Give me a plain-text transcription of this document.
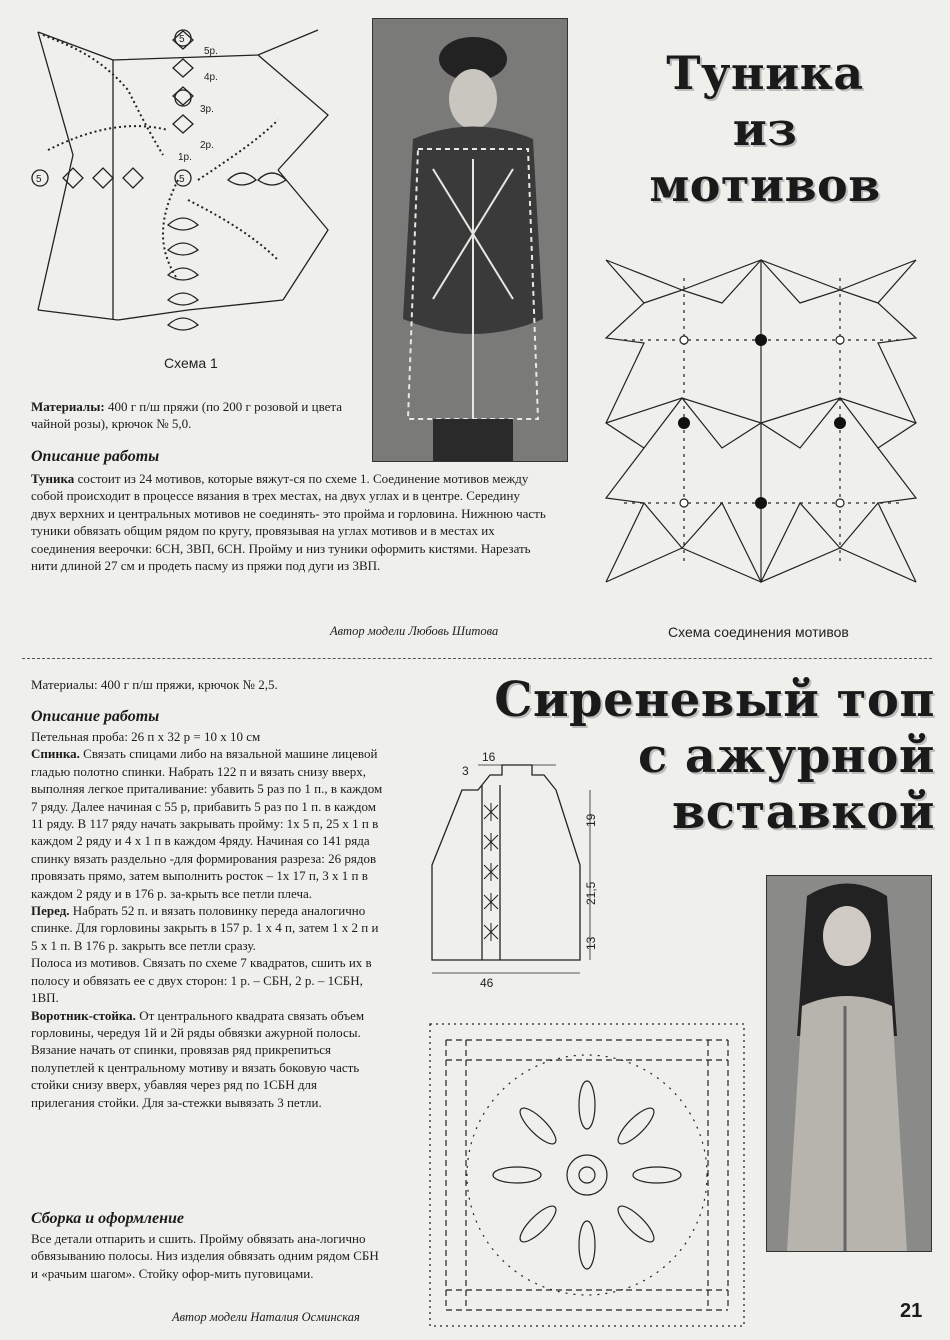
5
5
5
5р.
4р.
3р.
2р.
1р.
Схема 1
Туника
из
мотивов
Схема соединения мотивов

Материалы: 400 г п/ш пряжи (по 200 г розовой и цвета чайной розы), крючок № 5,0.

Описание работы

Туника состоит из 24 мотивов, которые вяжут-ся по схеме 1. Соединение мотивов между собой происходит в процессе вязания в трех местах, на двух углах и в центре. Середину двух верхних и центральных мотивов не соединять- это пройма и горловина. Нижнюю часть туники обвязать общим рядом по кругу, провязывая на углах мотивов и в местах их соединения веерочки: 6СН, 3ВП, 6СН. Пройму и низ туники оформить кистями. Нарезать нити длиной 27 см и продеть пасму из пряжи под дуги из 3ВП.

Автор модели Любовь Шитова
Материалы: 400 г п/ш пряжи, крючок № 2,5.	Сиреневый топ
с ажурной
вставкой
Описание работы

Петельная проба: 26 п х 32 р = 10 х 10 см

Спинка. Связать спицами либо на вязальной машине лицевой гладью полотно спинки. Набрать 122 п и вязать снизу вверх, выполняя легкое приталивание: убавить 5 раз по 1 п., в каждом 7 ряду. Далее начиная с 55 р, прибавить 5 раз по 1 п. в каждом 11 ряду. В 117 ряду начать закрывать пройму: 1х 5 п, 25 х 1 п в каждом 2 ряду и 4 х 1 п в каждом 4ряду. Начиная со 141 ряда спинку вязать раздельно -для формирования разреза: 26 рядов провязать прямо, затем выполнить росток – 1х 17 п, 3 х 1 п в каждом 2 ряду и в 176 р. за-крыть все петли плеча.

Перед. Набрать 52 п. и вязать половинку переда аналогично спинке. Для горловины закрыть в 157 р. 1 х 4 п, затем 1 х 2 п и 5 х 1 п. В 176 р. закрыть все петли сразу.

Полоса из мотивов. Связать по схеме 7 квадратов, сшить их в полосу и обвязать ее с двух сторон: 1 р. – СБН, 2 р. – 1СБН, 1ВП.

Воротник-стойка. От центрального квадрата связать объем горловины, чередуя 1й и 2й ряды обвязки ажурной полосы. Вязание начать от спинки, провязав ряд прикрепиться полупетлей к центральному мотиву и вязать боковую часть стойки снизу вверх, убавляя через ряд по 1СБН для прилегания стойки. Для за-стежки вывязать 3 петли.

Сборка и оформление
Все детали отпарить и сшить. Пройму обвязать ана-логично обвязыванию полосы. Низ изделия обвязать одним рядом СБН и «рачьим шагом». Стойку офор-мить пуговицами.
Автор модели Наталия Осминская
16
3
19
21,5
13
46
21
